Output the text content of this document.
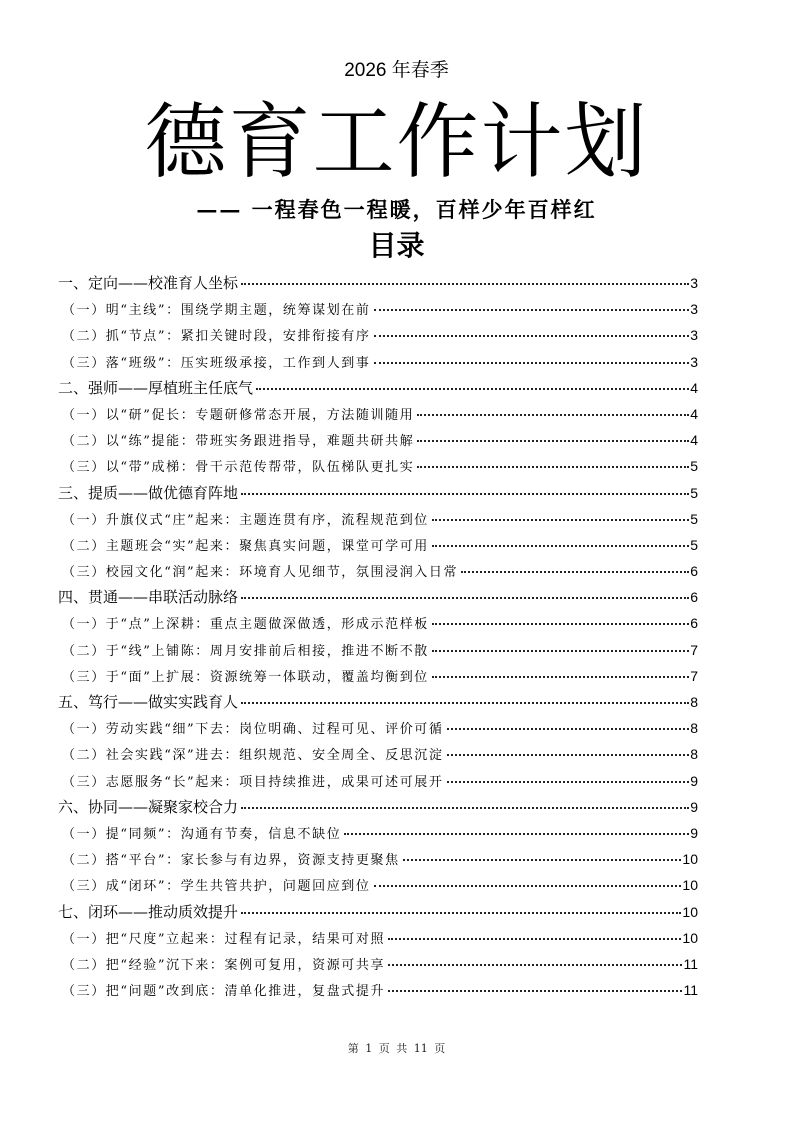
2026 年春季
德育工作计划
—— 一程春色一程暖，百样少年百样红
目录
一、定向——校准育人坐标	3
（一）明“主线”：围绕学期主题，统筹谋划在前	3
（二）抓“节点”：紧扣关键时段，安排衔接有序	3
（三）落“班级”：压实班级承接，工作到人到事	3
二、强师——厚植班主任底气	4
（一）以“研”促长：专题研修常态开展，方法随训随用	4
（二）以“练”提能：带班实务跟进指导，难题共研共解	4
（三）以“带”成梯：骨干示范传帮带，队伍梯队更扎实	5
三、提质——做优德育阵地	5
（一）升旗仪式“庄”起来：主题连贯有序，流程规范到位	5
（二）主题班会“实”起来：聚焦真实问题，课堂可学可用	5
（三）校园文化“润”起来：环境育人见细节，氛围浸润入日常	6
四、贯通——串联活动脉络	6
（一）于“点”上深耕：重点主题做深做透，形成示范样板	6
（二）于“线”上铺陈：周月安排前后相接，推进不断不散	7
（三）于“面”上扩展：资源统筹一体联动，覆盖均衡到位	7
五、笃行——做实实践育人	8
（一）劳动实践“细”下去：岗位明确、过程可见、评价可循	8
（二）社会实践“深”进去：组织规范、安全周全、反思沉淀	8
（三）志愿服务“长”起来：项目持续推进，成果可述可展开	9
六、协同——凝聚家校合力	9
（一）提“同频”：沟通有节奏，信息不缺位	9
（二）搭“平台”：家长参与有边界，资源支持更聚焦	10
（三）成“闭环”：学生共管共护，问题回应到位	10
七、闭环——推动质效提升	10
（一）把“尺度”立起来：过程有记录，结果可对照	10
（二）把“经验”沉下来：案例可复用，资源可共享	11
（三）把“问题”改到底：清单化推进，复盘式提升	11
第 1 页 共 11 页
